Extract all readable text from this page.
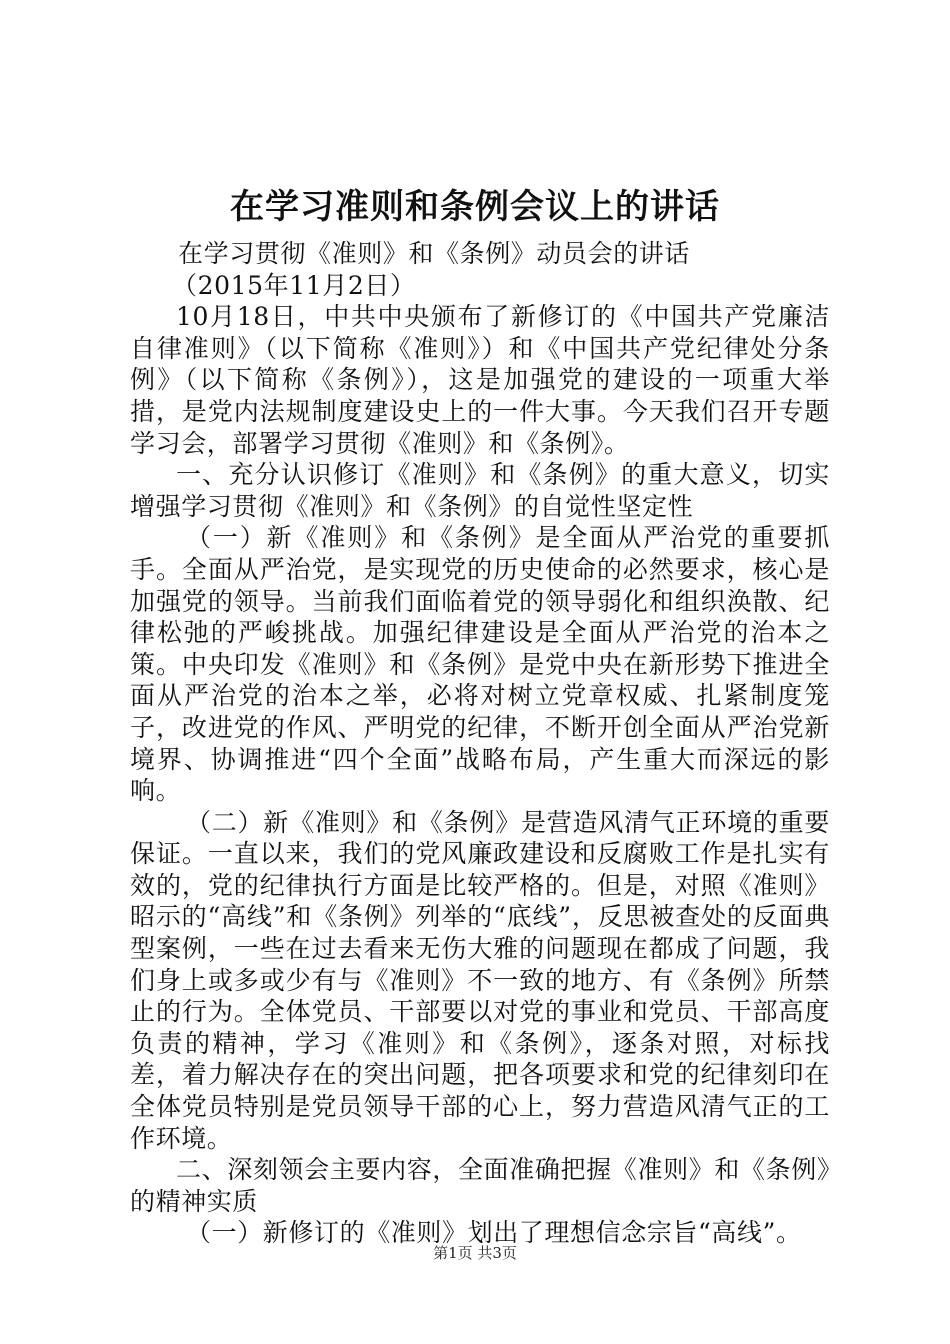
在学习准则和条例会议上的讲话

在学习贯彻《准则》和《条例》动员会的讲话

（2015年11月2日）

10月18日，中共中央颁布了新修订的《中国共产党廉洁自律准则》（以下简称《准则》）和《中国共产党纪律处分条例》（以下简称《条例》），这是加强党的建设的一项重大举措，是党内法规制度建设史上的一件大事。今天我们召开专题学习会，部署学习贯彻《准则》和《条例》。

一、充分认识修订《准则》和《条例》的重大意义，切实增强学习贯彻《准则》和《条例》的自觉性坚定性

（一）新《准则》和《条例》是全面从严治党的重要抓手。全面从严治党，是实现党的历史使命的必然要求，核心是加强党的领导。当前我们面临着党的领导弱化和组织涣散、纪律松弛的严峻挑战。加强纪律建设是全面从严治党的治本之策。中央印发《准则》和《条例》是党中央在新形势下推进全面从严治党的治本之举，必将对树立党章权威、扎紧制度笼子，改进党的作风、严明党的纪律，不断开创全面从严治党新境界、协调推进“四个全面”战略布局，产生重大而深远的影响。

（二）新《准则》和《条例》是营造风清气正环境的重要保证。一直以来，我们的党风廉政建设和反腐败工作是扎实有效的，党的纪律执行方面是比较严格的。但是，对照《准则》昭示的“高线”和《条例》列举的“底线”，反思被查处的反面典型案例，一些在过去看来无伤大雅的问题现在都成了问题，我们身上或多或少有与《准则》不一致的地方、有《条例》所禁止的行为。全体党员、干部要以对党的事业和党员、干部高度负责的精神，学习《准则》和《条例》，逐条对照，对标找差，着力解决存在的突出问题，把各项要求和党的纪律刻印在全体党员特别是党员领导干部的心上，努力营造风清气正的工作环境。

二、深刻领会主要内容，全面准确把握《准则》和《条例》的精神实质

（一）新修订的《准则》划出了理想信念宗旨“高线”。

第1页 共3页
